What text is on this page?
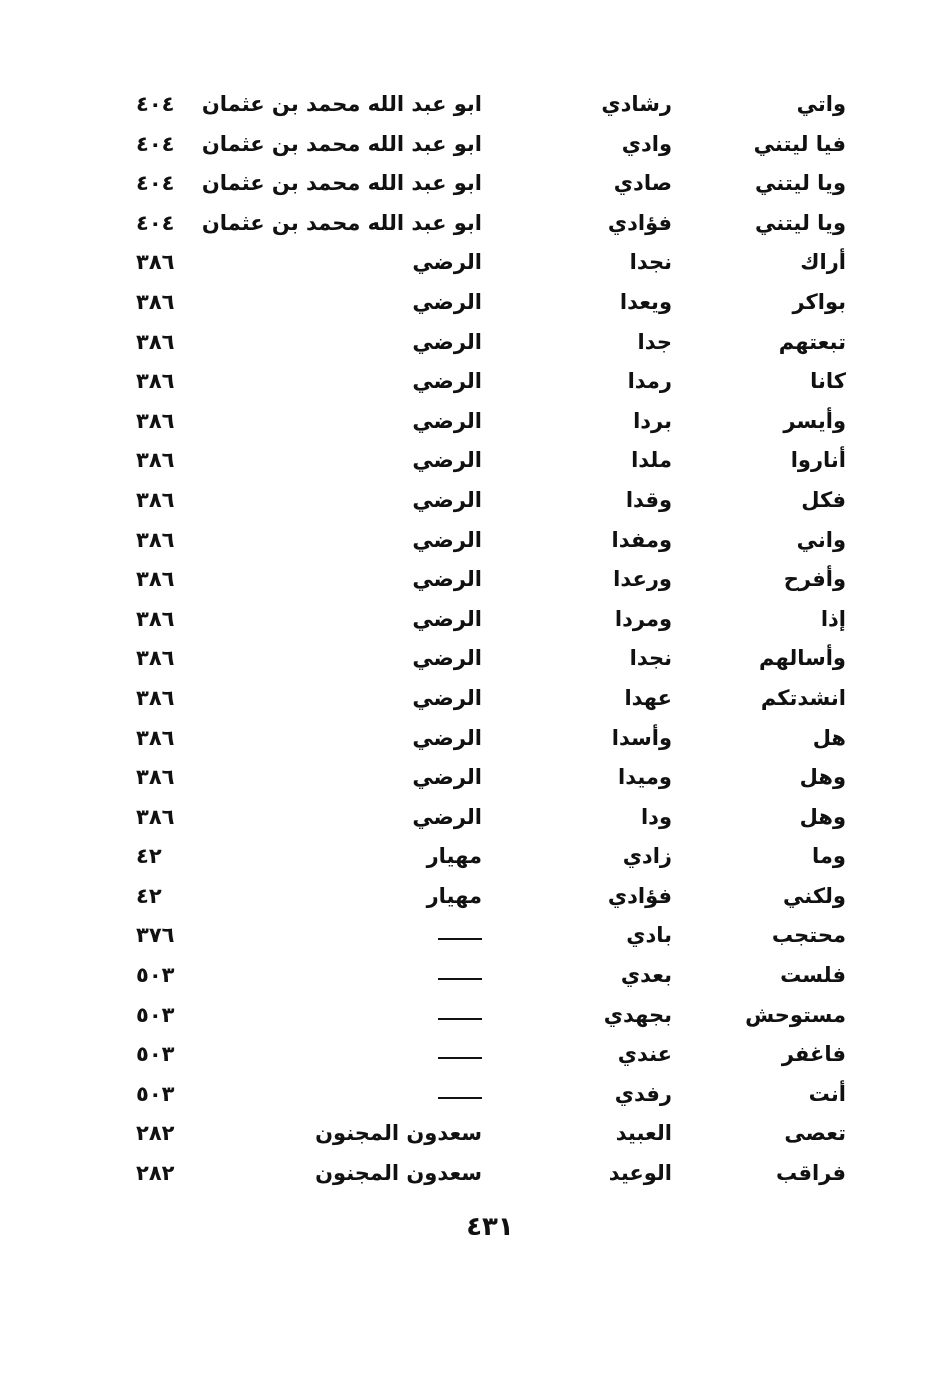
واتي
رشادي
ابو عبد الله محمد بن عثمان
٤٠٤
فيا ليتني
وادي
ابو عبد الله محمد بن عثمان
٤٠٤
ويا ليتني
صادي
ابو عبد الله محمد بن عثمان
٤٠٤
ويا ليتني
فؤادي
ابو عبد الله محمد بن عثمان
٤٠٤
أراك
نجدا
الرضي
٣٨٦
بواكر
ويعدا
الرضي
٣٨٦
تبعتهم
جدا
الرضي
٣٨٦
كانا
رمدا
الرضي
٣٨٦
وأيسر
بردا
الرضي
٣٨٦
أناروا
ملدا
الرضي
٣٨٦
فكل
وقدا
الرضي
٣٨٦
واني
ومفدا
الرضي
٣٨٦
وأفرح
ورعدا
الرضي
٣٨٦
إذا
ومردا
الرضي
٣٨٦
وأسالهم
نجدا
الرضي
٣٨٦
انشدتكم
عهدا
الرضي
٣٨٦
هل
وأسدا
الرضي
٣٨٦
وهل
وميدا
الرضي
٣٨٦
وهل
ودا
الرضي
٣٨٦
وما
زادي
مهيار
٤٢
ولكني
فؤادي
مهيار
٤٢
محتجب
بادي
٣٧٦
فلست
بعدي
٥٠٣
مستوحش
بجهدي
٥٠٣
فاغفر
عندي
٥٠٣
أنت
رفدي
٥٠٣
تعصى
العبيد
سعدون المجنون
٢٨٢
فراقب
الوعيد
سعدون المجنون
٢٨٢
٤٣١
